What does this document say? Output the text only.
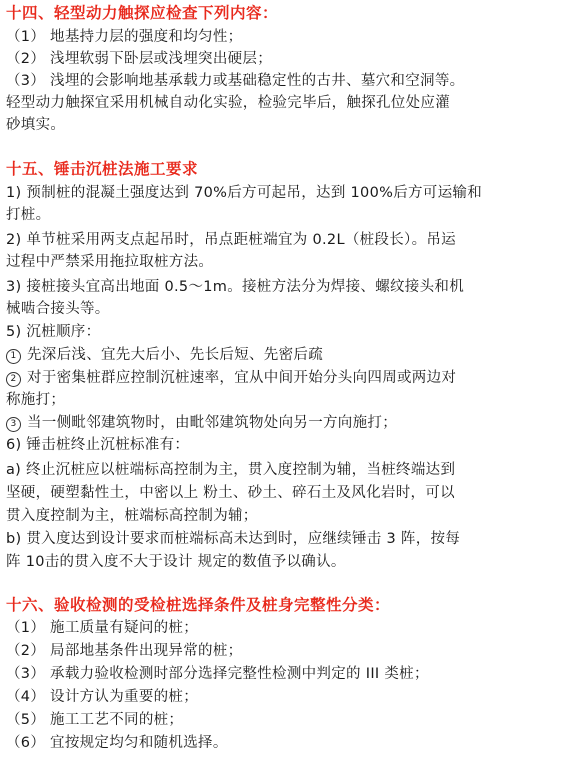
十四、轻型动力触探应检查下列内容：
（1） 地基持力层的强度和均匀性；
（2） 浅埋软弱下卧层或浅埋突出硬层；
（3） 浅埋的会影响地基承载力或基础稳定性的古井、墓穴和空洞等。
轻型动力触探宜采用机械自动化实验，检验完毕后，触探孔位处应灌
砂填实。
十五、锤击沉桩法施工要求
1) 预制桩的混凝土强度达到 70%后方可起吊，达到 100%后方可运输和
打桩。
2) 单节桩采用两支点起吊时，吊点距桩端宜为 0.2L（桩段长）。吊运
过程中严禁采用拖拉取桩方法。
3) 接桩接头宜高出地面 0.5～1m。接桩方法分为焊接、螺纹接头和机
械啮合接头等。
5) 沉桩顺序：
1 先深后浅、宜先大后小、先长后短、先密后疏
2 对于密集桩群应控制沉桩速率，宜从中间开始分头向四周或两边对
称施打；
3 当一侧毗邻建筑物时，由毗邻建筑物处向另一方向施打；
6) 锤击桩终止沉桩标准有：
a) 终止沉桩应以桩端标高控制为主，贯入度控制为辅，当桩终端达到
坚硬，硬塑黏性土，中密以上 粉土、砂土、碎石土及风化岩时，可以
贯入度控制为主，桩端标高控制为辅；
b) 贯入度达到设计要求而桩端标高未达到时，应继续锤击 3 阵，按每
阵 10击的贯入度不大于设计 规定的数值予以确认。
十六、验收检测的受检桩选择条件及桩身完整性分类：
（1） 施工质量有疑问的桩；
（2） 局部地基条件出现异常的桩；
（3） 承载力验收检测时部分选择完整性检测中判定的 III 类桩；
（4） 设计方认为重要的桩；
（5） 施工工艺不同的桩；
（6） 宜按规定均匀和随机选择。
